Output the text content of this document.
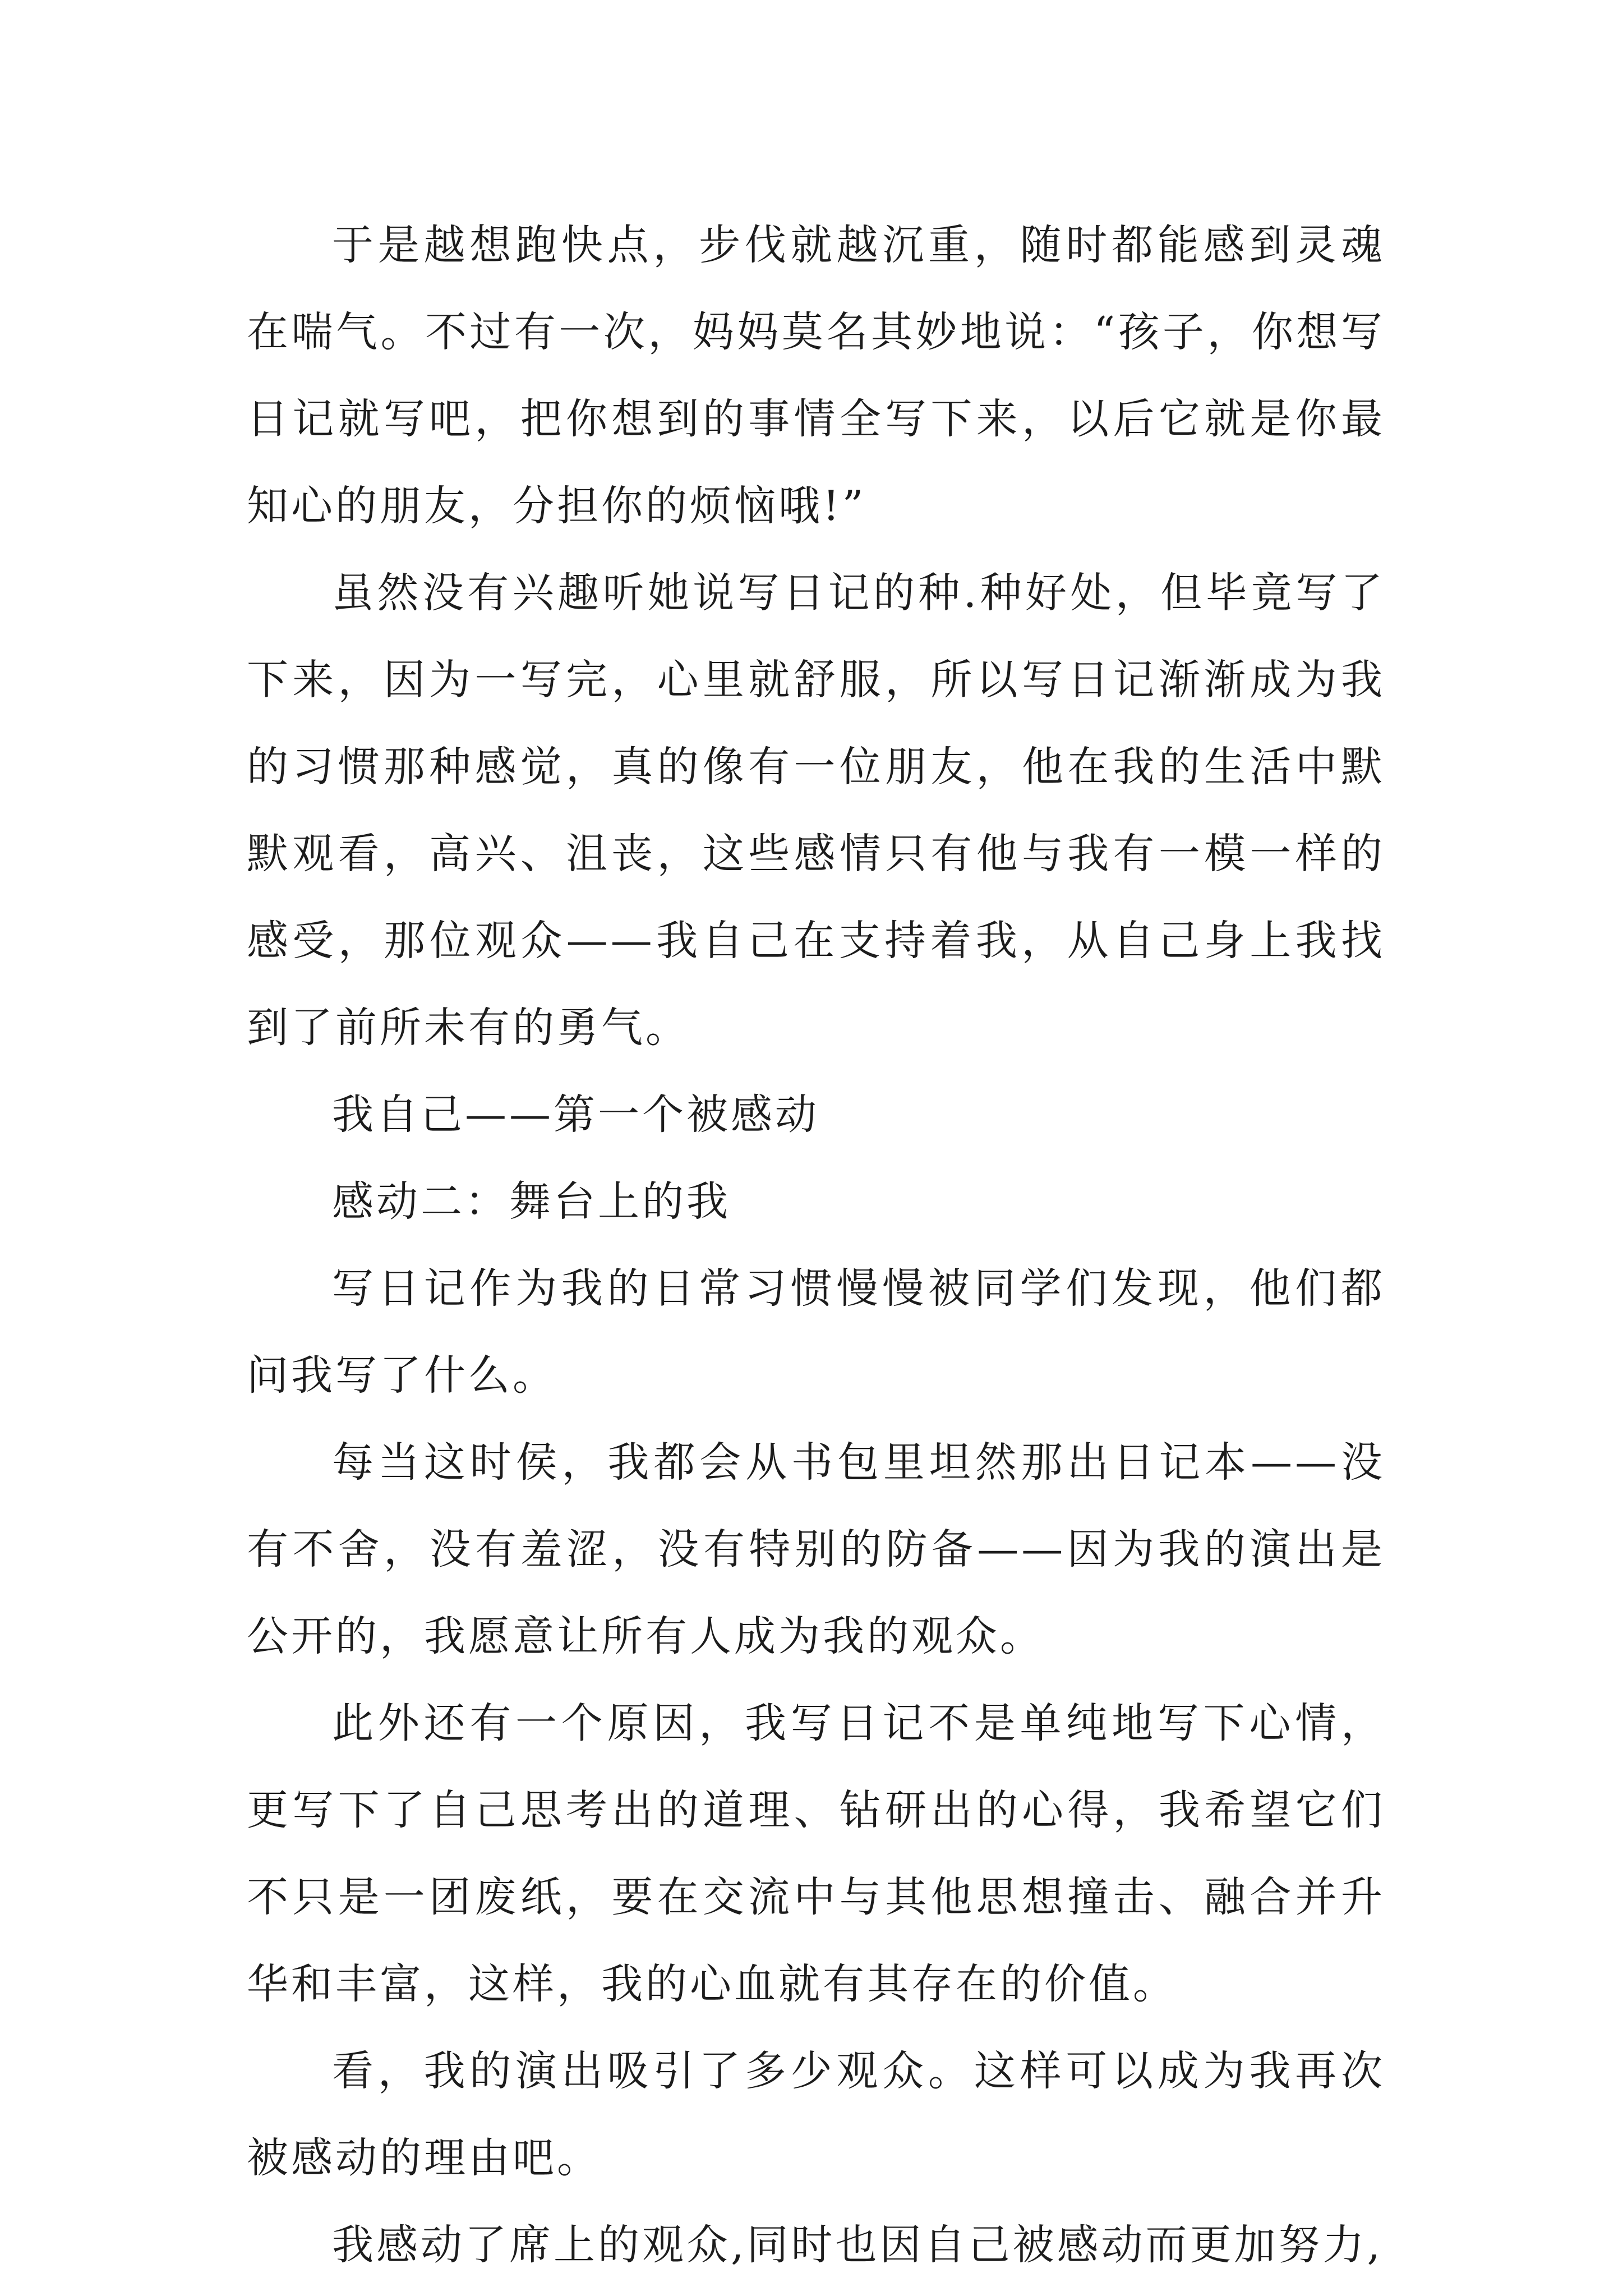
于是越想跑快点，步伐就越沉重，随时都能感到灵魂在喘气。不过有一次，妈妈莫名其妙地说：“孩子，你想写日记就写吧，把你想到的事情全写下来，以后它就是你最知心的朋友，分担你的烦恼哦!”

虽然没有兴趣听她说写日记的种.种好处，但毕竟写了下来，因为一写完，心里就舒服，所以写日记渐渐成为我的习惯那种感觉，真的像有一位朋友，他在我的生活中默默观看，高兴、沮丧，这些感情只有他与我有一模一样的感受，那位观众——我自己在支持着我，从自己身上我找到了前所未有的勇气。

我自己——第一个被感动

感动二：舞台上的我

写日记作为我的日常习惯慢慢被同学们发现，他们都问我写了什么。

每当这时侯，我都会从书包里坦然那出日记本——没有不舍，没有羞涩，没有特别的防备——因为我的演出是公开的，我愿意让所有人成为我的观众。

此外还有一个原因，我写日记不是单纯地写下心情，更写下了自己思考出的道理、钻研出的心得，我希望它们不只是一团废纸，要在交流中与其他思想撞击、融合并升华和丰富，这样，我的心血就有其存在的价值。

看，我的演出吸引了多少观众。这样可以成为我再次被感动的理由吧。

我感动了席上的观众,同时也因自己被感动而更加努力,
